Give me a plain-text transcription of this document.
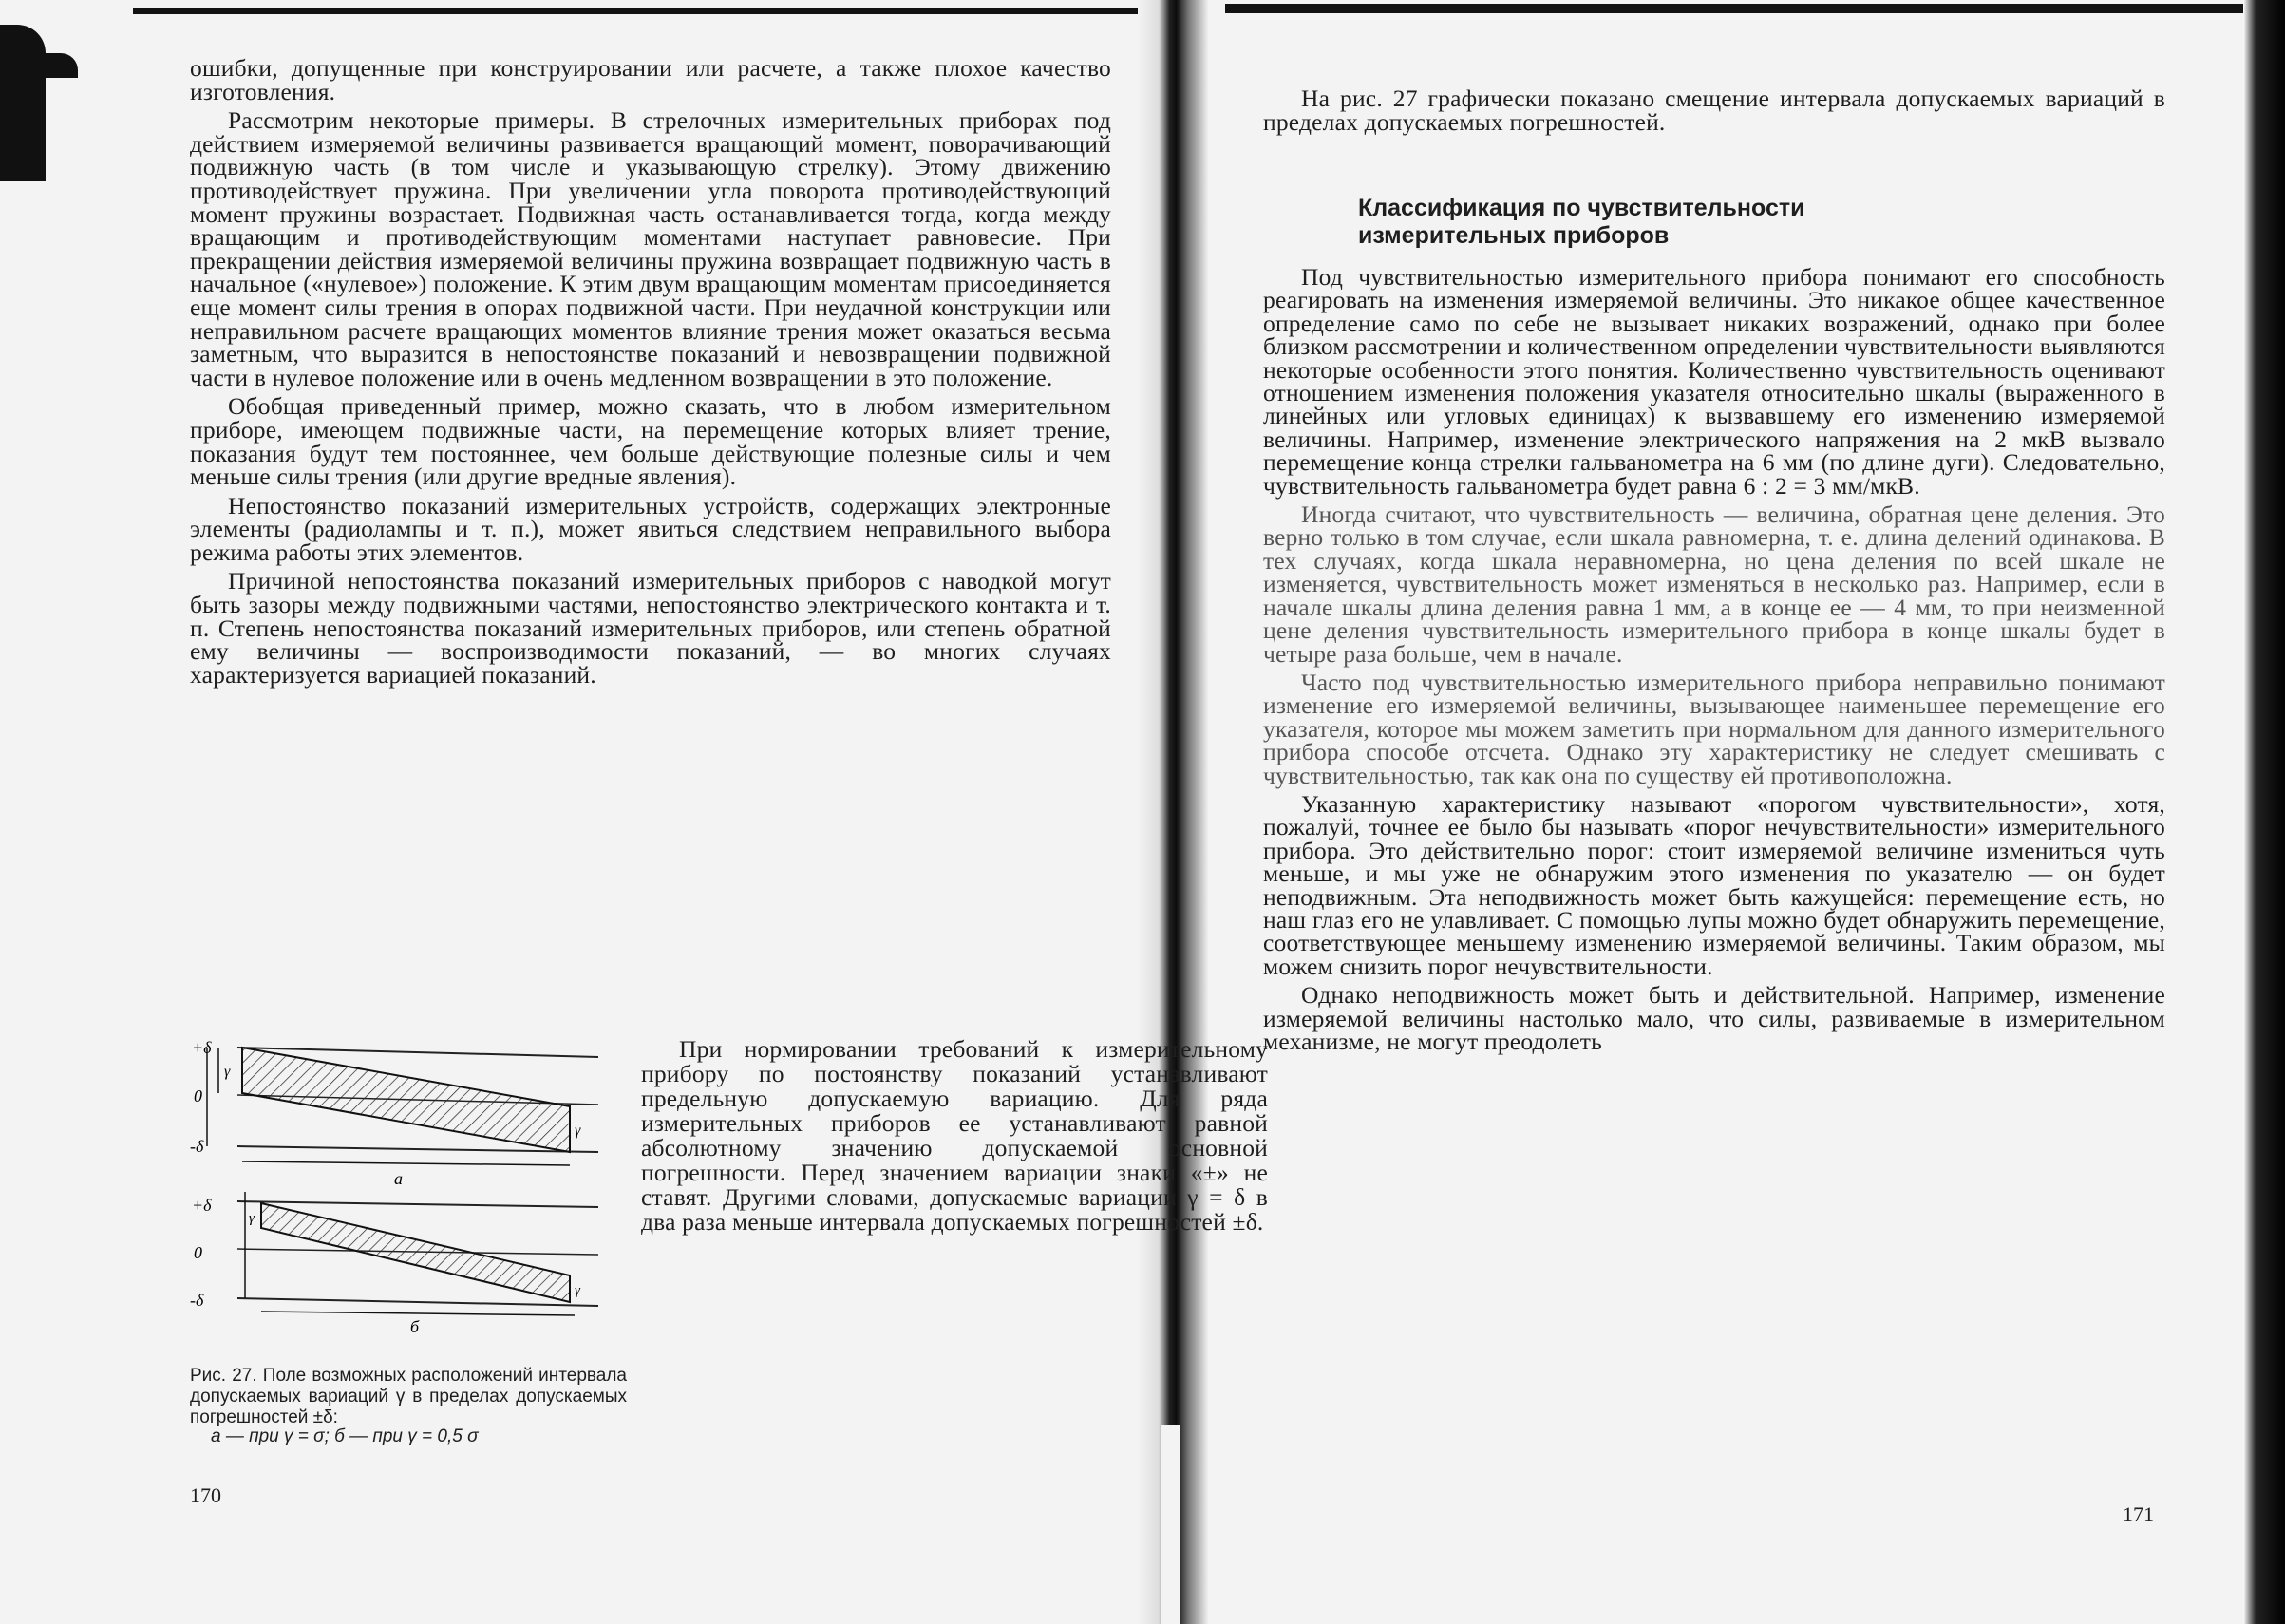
ошибки, допущенные при конструировании или расчете, а также плохое качество изготовления.

Рассмотрим некоторые примеры. В стрелочных измерительных приборах под действием измеряемой величины развивается вращающий момент, поворачивающий подвижную часть (в том числе и указывающую стрелку). Этому движению противодействует пружина. При увеличении угла поворота противодействующий момент пружины возрастает. Подвижная часть останавливается тогда, когда между вращающим и противодействующим моментами наступает равновесие. При прекращении действия измеряемой величины пружина возвращает подвижную часть в начальное («нулевое») положение. К этим двум вращающим моментам присоединяется еще момент силы трения в опорах подвижной части. При неудачной конструкции или неправильном расчете вращающих моментов влияние трения может оказаться весьма заметным, что выразится в непостоянстве показаний и невозвращении подвижной части в нулевое положение или в очень медленном возвращении в это положение.

Обобщая приведенный пример, можно сказать, что в любом измерительном приборе, имеющем подвижные части, на перемещение которых влияет трение, показания будут тем постояннее, чем больше действующие полезные силы и чем меньше силы трения (или другие вредные явления).

Непостоянство показаний измерительных устройств, содержащих электронные элементы (радиолампы и т. п.), может явиться следствием неправильного выбора режима работы этих элементов.

Причиной непостоянства показаний измерительных приборов с наводкой могут быть зазоры между подвижными частями, непостоянство электрического контакта и т. п. Степень непостоянства показаний измерительных приборов, или степень обратной ему величины — воспроизводимости показаний, — во многих случаях характеризуется вариацией показаний.

+δ
0
-δ
γ
γ
а
+δ
0
-δ
γ
γ
б

При нормировании требований к измерительному прибору по постоянству показаний устанавливают предельную допускаемую вариацию. Для ряда измерительных приборов ее устанавливают равной абсолютному значению допускаемой основной погрешности. Перед значением вариации знаки «±» не ставят. Другими словами, допускаемые вариации γ = δ в два раза меньше интервала допускаемых погрешностей ±δ.

Рис. 27. Поле возможных расположений интервала допускаемых вариаций γ в пределах допускаемых погрешностей ±δ:
а — при γ = σ; б — при γ = 0,5 σ
170

На рис. 27 графически показано смещение интервала допускаемых вариаций в пределах допускаемых погрешностей.

Классификация по чувствительности
измерительных приборов

Под чувствительностью измерительного прибора понимают его способность реагировать на изменения измеряемой величины. Это никакое общее качественное определение само по себе не вызывает никаких возражений, однако при более близком рассмотрении и количественном определении чувствительности выявляются некоторые особенности этого понятия. Количественно чувствительность оценивают отношением изменения положения указателя относительно шкалы (выраженного в линейных или угловых единицах) к вызвавшему его изменению измеряемой величины. Например, изменение электрического напряжения на 2 мкВ вызвало перемещение конца стрелки гальванометра на 6 мм (по длине дуги). Следовательно, чувствительность гальванометра будет равна 6 : 2 = 3 мм/мкВ.

Иногда считают, что чувствительность — величина, обратная цене деления. Это верно только в том случае, если шкала равномерна, т. е. длина делений одинакова. В тех случаях, когда шкала неравномерна, но цена деления по всей шкале не изменяется, чувствительность может изменяться в несколько раз. Например, если в начале шкалы длина деления равна 1 мм, а в конце ее — 4 мм, то при неизменной цене деления чувствительность измерительного прибора в конце шкалы будет в четыре раза больше, чем в начале.

Часто под чувствительностью измерительного прибора неправильно понимают изменение его измеряемой величины, вызывающее наименьшее перемещение его указателя, которое мы можем заметить при нормальном для данного измерительного прибора способе отсчета. Однако эту характеристику не следует смешивать с чувствительностью, так как она по существу ей противоположна.

Указанную характеристику называют «порогом чувствительности», хотя, пожалуй, точнее ее было бы называть «порог нечувствительности» измерительного прибора. Это действительно порог: стоит измеряемой величине измениться чуть меньше, и мы уже не обнаружим этого изменения по указателю — он будет неподвижным. Эта неподвижность может быть кажущейся: перемещение есть, но наш глаз его не улавливает. С помощью лупы можно будет обнаружить перемещение, соответствующее меньшему изменению измеряемой величины. Таким образом, мы можем снизить порог нечувствительности.

Однако неподвижность может быть и действительной. Например, изменение измеряемой величины настолько мало, что силы, развиваемые в измерительном механизме, не могут преодолеть

171
